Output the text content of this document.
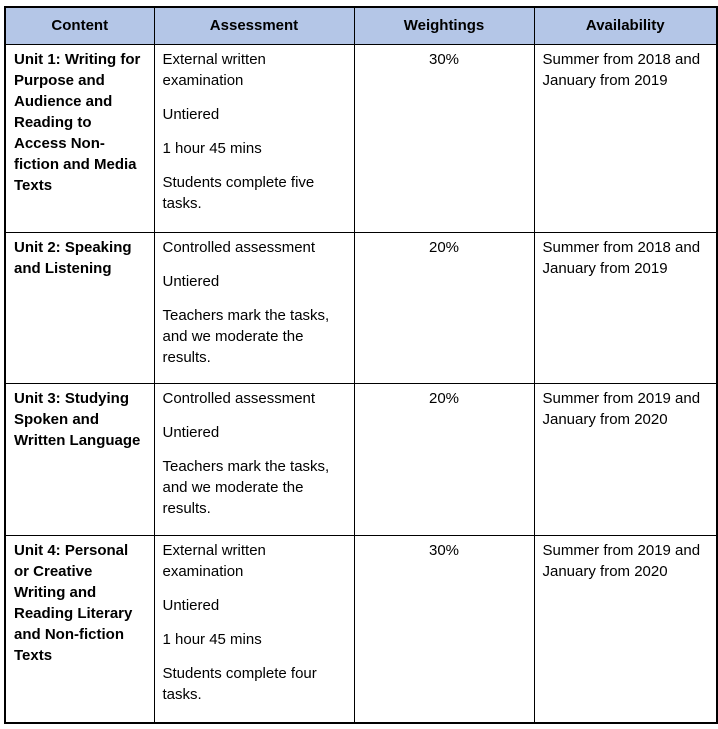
Content	Assessment	Weightings	Availability

Unit 1: Writing for Purpose and Audience and Reading to Access Non-fiction and Media Texts	External written examination

Untiered

1 hour 45 mins

Students complete five tasks.	30%	Summer from 2018 and January from 2019

Unit 2: Speaking and Listening	Controlled assessment

Untiered

Teachers mark the tasks, and we moderate the results.	20%	Summer from 2018 and January from 2019

Unit 3: Studying Spoken and Written Language	Controlled assessment

Untiered

Teachers mark the tasks, and we moderate the results.	20%	Summer from 2019 and January from 2020

Unit 4: Personal or Creative Writing and Reading Literary and Non-fiction Texts	External written examination

Untiered

1 hour 45 mins

Students complete four tasks.	30%	Summer from 2019 and January from 2020
